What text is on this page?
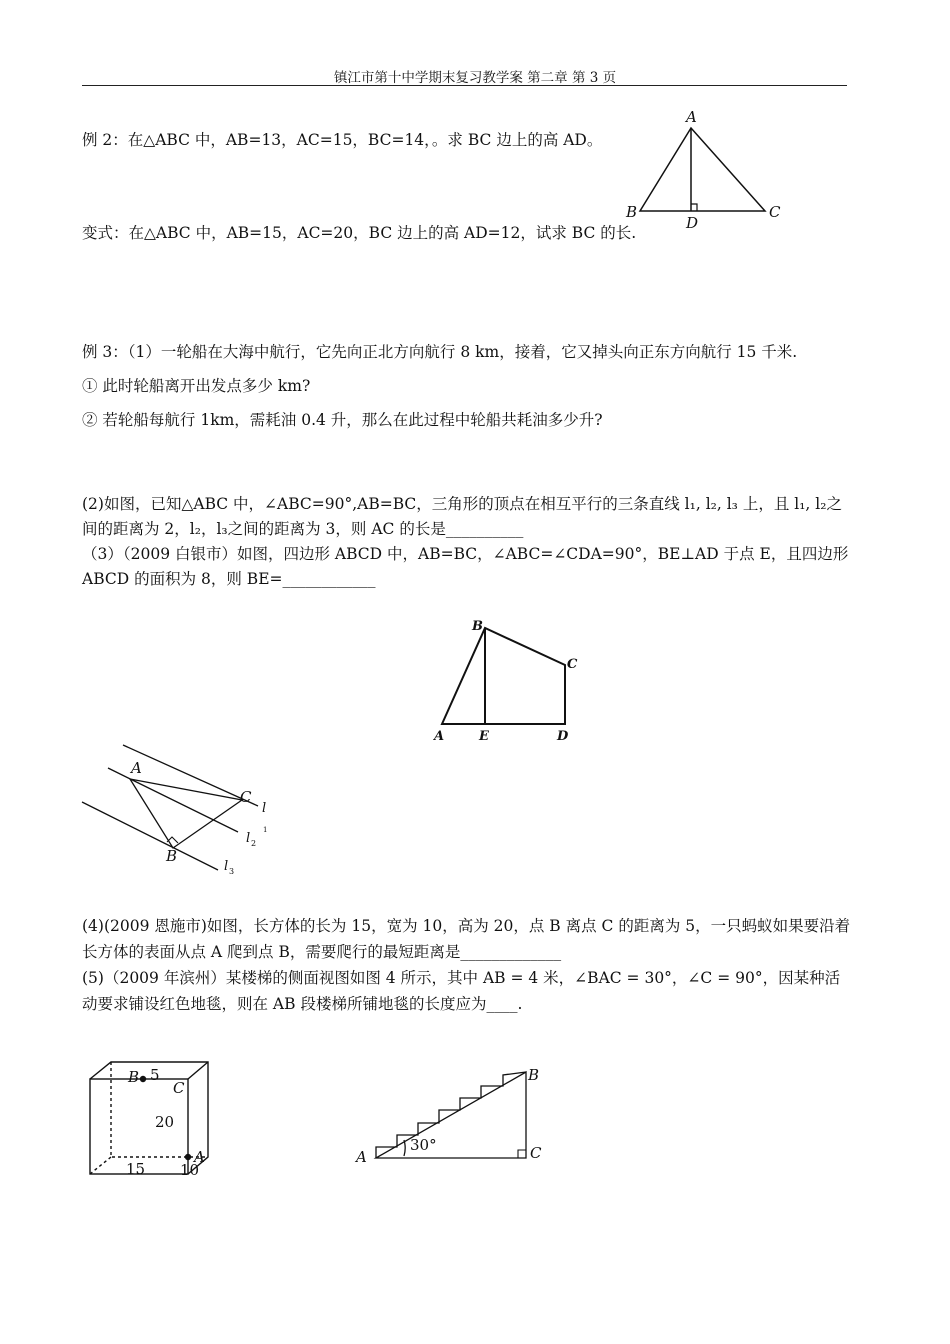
镇江市第十中学期末复习教学案 第二章 第 3 页
例 2：在△ABC 中，AB=13，AC=15，BC=14，。求 BC 边上的高 AD。
变式：在△ABC 中，AB=15，AC=20，BC 边上的高 AD=12，试求 BC 的长.
例 3：（1）一轮船在大海中航行，它先向正北方向航行 8 km，接着，它又掉头向正东方向航行 15 千米.
① 此时轮船离开出发点多少 km?
② 若轮船每航行 1km，需耗油 0.4 升，那么在此过程中轮船共耗油多少升?
(2)如图，已知△ABC 中，∠ABC=90°,AB=BC，三角形的顶点在相互平行的三条直线 l₁, l₂, l₃ 上，且 l₁, l₂之
间的距离为 2，l₂，l₃之间的距离为 3，则 AC 的长是__________
（3）（2009 白银市）如图，四边形 ABCD 中，AB=BC，∠ABC=∠CDA=90°，BE⊥AD 于点 E，且四边形
ABCD 的面积为 8，则 BE=____________
(4)(2009 恩施市)如图，长方体的长为 15，宽为 10，高为 20，点 B 离点 C 的距离为 5，一只蚂蚁如果要沿着
长方体的表面从点 A 爬到点 B，需要爬行的最短距离是_____________
(5)（2009 年滨州）某楼梯的侧面视图如图 4 所示，其中 AB = 4 米，∠BAC = 30°，∠C = 90°，因某种活
动要求铺设红色地毯，则在 AB 段楼梯所铺地毯的长度应为____.
A
B	C
D
B
C
A	E	D
A
C
B
l
1
l 2
l 3
B 5
C
20
A
15 10
A
B
C
30°
